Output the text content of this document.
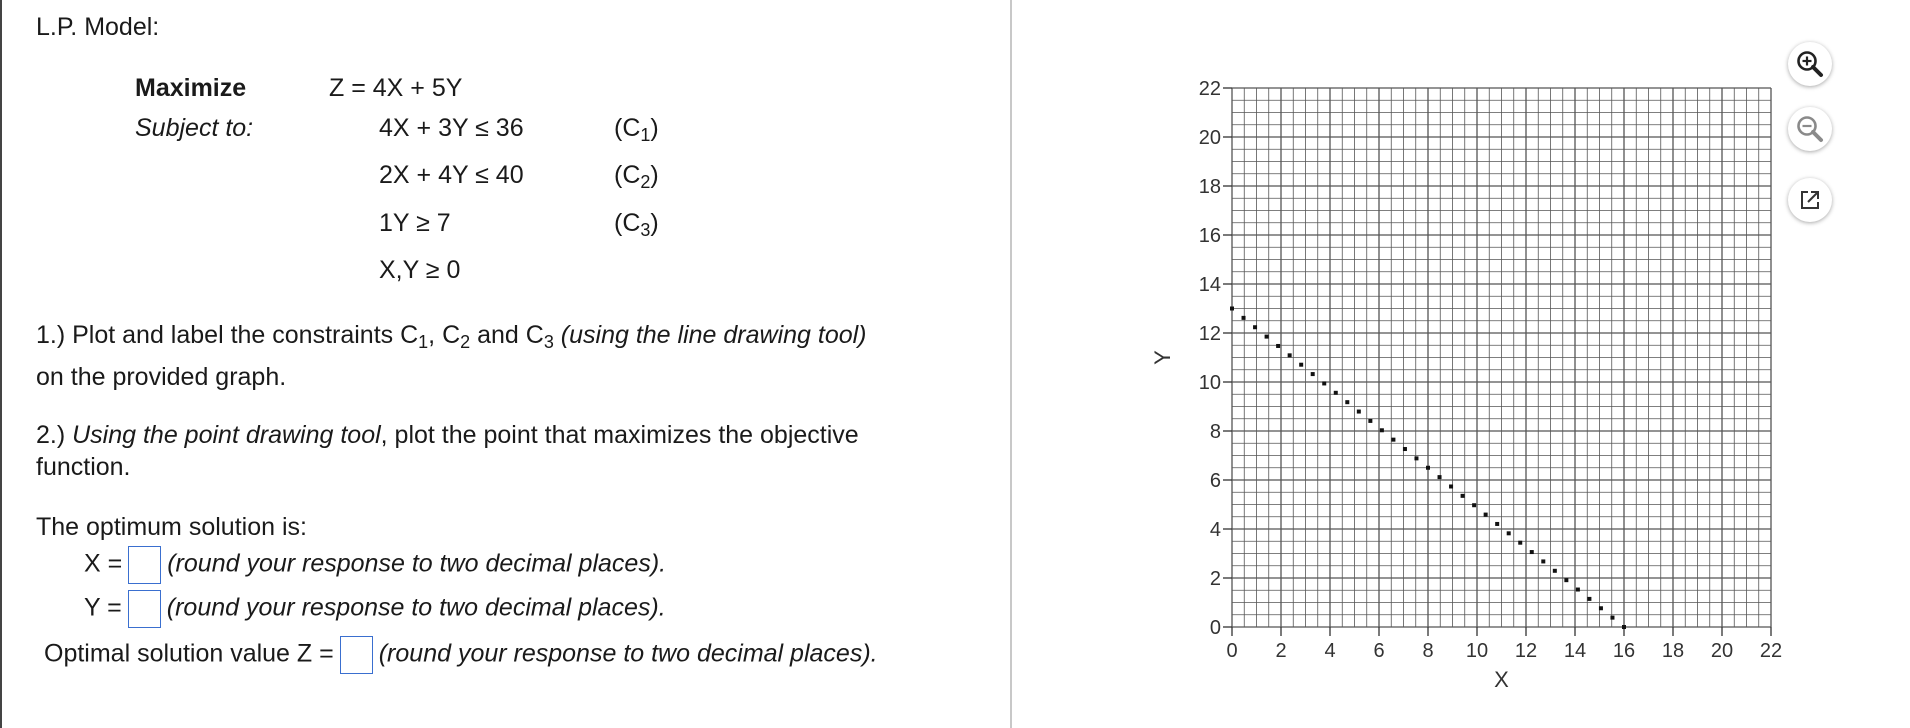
L.P. Model:
Maximize	Z = 4X + 5Y
Subject to:	4X + 3Y ≤ 36	$(C_1)$
2X + 4Y ≤ 40	$(C_2)$
1Y ≥ 7	$(C_3)$
X,Y ≥ 0
1.) Plot and label the constraints $C_1$, $C_2$ and $C_3$ (using the line drawing tool)
on the provided graph.
2.) Using the point drawing tool, plot the point that maximizes the objective
function.
The optimum solution is:
X = (round your response to two decimal places).
Y = (round your response to two decimal places).
Optimal solution value Z = (round your response to two decimal places).	0 2 4 6 8 10 12 14 16 18 20 22
0
2
4
6
8
10
12
14
16
18
20
22
X
Y
